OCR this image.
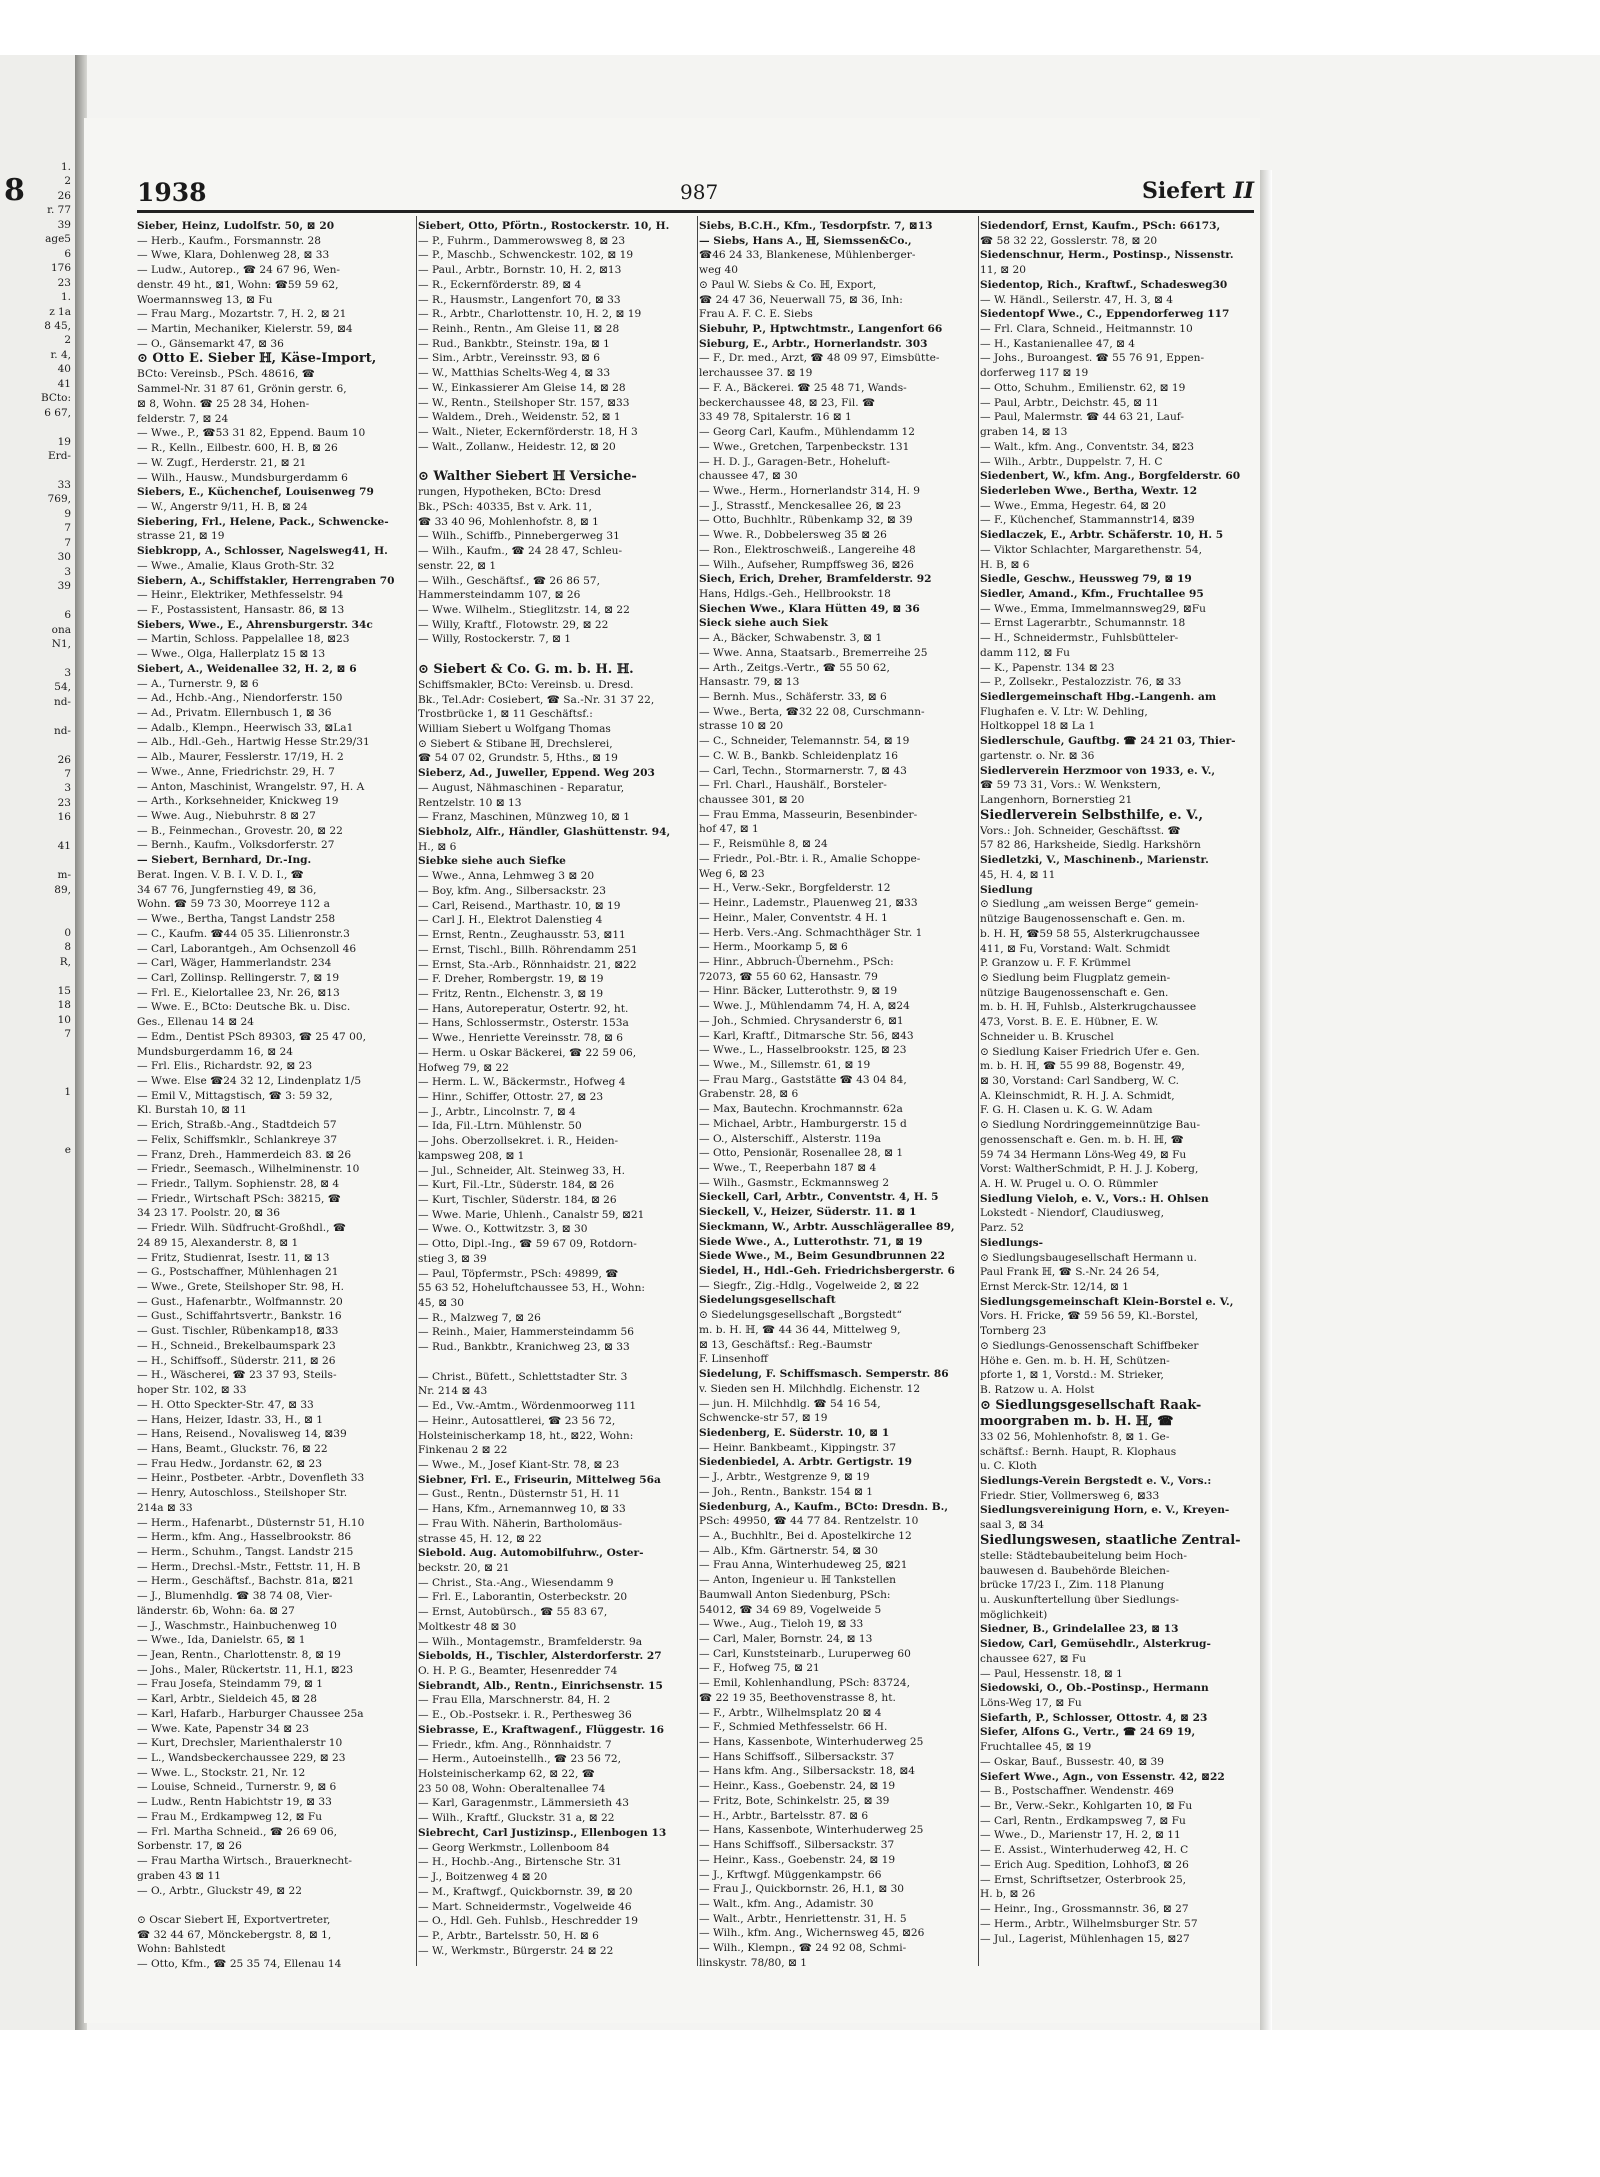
8
1.
2
26
r. 77
39
age5
6
176
23
1.
z 1a
8 45,
2
r. 4,
40
41
BCto:
6 67,

19
Erd-

33
769,
9
7
7
30
3
39

6
ona
N1,

3
54,
nd-

nd-

26
7
3
23
16

41

m-
89,

0
8
R,

15
18
10
7

1

e

1938	987	Siefert II
Sieber, Heinz, Ludolfstr. 50, ⊠ 20
— Herb., Kaufm., Forsmannstr. 28
— Wwe, Klara, Dohlenweg 28, ⊠ 33
— Ludw., Autorep., ☎ 24 67 96, Wen-
denstr. 49 ht., ⊠1, Wohn: ☎59 59 62,
Woermannsweg 13, ⊠ Fu
— Frau Marg., Mozartstr. 7, H. 2, ⊠ 21
— Martin, Mechaniker, Kielerstr. 59, ⊠4
— O., Gänsemarkt 47, ⊠ 36
⊙ Otto E. Sieber ℍ, Käse-Import,
BCto: Vereinsb., PSch. 48616, ☎
Sammel-Nr. 31 87 61, Grönin gerstr. 6,
⊠ 8, Wohn. ☎ 25 28 34, Hohen-
felderstr. 7, ⊠ 24
— Wwe., P., ☎53 31 82, Eppend. Baum 10
— R., Kelln., Eilbestr. 600, H. B, ⊠ 26
— W. Zugf., Herderstr. 21, ⊠ 21
— Wilh., Hausw., Mundsburgerdamm 6
Siebers, E., Küchenchef, Louisenweg 79
— W., Angerstr 9/11, H. B, ⊠ 24
Siebering, Frl., Helene, Pack., Schwencke-
strasse 21, ⊠ 19
Siebkropp, A., Schlosser, Nagelsweg41, H.
— Wwe., Amalie, Klaus Groth-Str. 32
Siebern, A., Schiffstakler, Herrengraben 70
— Heinr., Elektriker, Methfesselstr. 94
— F., Postassistent, Hansastr. 86, ⊠ 13
Siebers, Wwe., E., Ahrensburgerstr. 34c
— Martin, Schloss. Pappelallee 18, ⊠23
— Wwe., Olga, Hallerplatz 15 ⊠ 13
Siebert, A., Weidenallee 32, H. 2, ⊠ 6
— A., Turnerstr. 9, ⊠ 6
— Ad., Hchb.-Ang., Niendorferstr. 150
— Ad., Privatm. Ellernbusch 1, ⊠ 36
— Adalb., Klempn., Heerwisch 33, ⊠La1
— Alb., Hdl.-Geh., Hartwig Hesse Str.29/31
— Alb., Maurer, Fesslerstr. 17/19, H. 2
— Wwe., Anne, Friedrichstr. 29, H. 7
— Anton, Maschinist, Wrangelstr. 97, H. A
— Arth., Korksehneider, Knickweg 19
— Wwe. Aug., Niebuhrstr. 8 ⊠ 27
— B., Feinmechan., Grovestr. 20, ⊠ 22
— Bernh., Kaufm., Volksdorferstr. 27
— Siebert, Bernhard, Dr.-Ing.
Berat. Ingen. V. B. I. V. D. I., ☎
34 67 76, Jungfernstieg 49, ⊠ 36,
Wohn. ☎ 59 73 30, Moorreye 112 a
— Wwe., Bertha, Tangst Landstr 258
— C., Kaufm. ☎44 05 35. Lilienronstr.3
— Carl, Laborantgeh., Am Ochsenzoll 46
— Carl, Wäger, Hammerlandstr. 234
— Carl, Zollinsp. Rellingerstr. 7, ⊠ 19
— Frl. E., Kielortallee 23, Nr. 26, ⊠13
— Wwe. E., BCto: Deutsche Bk. u. Disc.
Ges., Ellenau 14 ⊠ 24
— Edm., Dentist PSch 89303, ☎ 25 47 00,
Mundsburgerdamm 16, ⊠ 24
— Frl. Elis., Richardstr. 92, ⊠ 23
— Wwe. Else ☎24 32 12, Lindenplatz 1/5
— Emil V., Mittagstisch, ☎ 3: 59 32,
Kl. Burstah 10, ⊠ 11
— Erich, Straßb.-Ang., Stadtdeich 57
— Felix, Schiffsmklr., Schlankreye 37
— Franz, Dreh., Hammerdeich 83. ⊠ 26
— Friedr., Seemasch., Wilhelminenstr. 10
— Friedr., Tallym. Sophienstr. 28, ⊠ 4
— Friedr., Wirtschaft PSch: 38215, ☎
34 23 17. Poolstr. 20, ⊠ 36
— Friedr. Wilh. Südfrucht-Großhdl., ☎
24 89 15, Alexanderstr. 8, ⊠ 1
— Fritz, Studienrat, Isestr. 11, ⊠ 13
— G., Postschaffner, Mühlenhagen 21
— Wwe., Grete, Steilshoper Str. 98, H.
— Gust., Hafenarbtr., Wolfmannstr. 20
— Gust., Schiffahrtsvertr., Bankstr. 16
— Gust. Tischler, Rübenkamp18, ⊠33
— H., Schneid., Brekelbaumspark 23
— H., Schiffsoff., Süderstr. 211, ⊠ 26
— H., Wäscherei, ☎ 23 37 93, Steils-
hoper Str. 102, ⊠ 33
— H. Otto Speckter-Str. 47, ⊠ 33
— Hans, Heizer, Idastr. 33, H., ⊠ 1
— Hans, Reisend., Novalisweg 14, ⊠39
— Hans, Beamt., Gluckstr. 76, ⊠ 22
— Frau Hedw., Jordanstr. 62, ⊠ 23
— Heinr., Postbeter. -Arbtr., Dovenfleth 33
— Henry, Autoschloss., Steilshoper Str.
214a ⊠ 33
— Herm., Hafenarbt., Düsternstr 51, H.10
— Herm., kfm. Ang., Hasselbrookstr. 86
— Herm., Schuhm., Tangst. Landstr 215
— Herm., Drechsl.-Mstr., Fettstr. 11, H. B
— Herm., Geschäftsf., Bachstr. 81a, ⊠21
— J., Blumenhdlg. ☎ 38 74 08, Vier-
länderstr. 6b, Wohn: 6a. ⊠ 27
— J., Waschmstr., Hainbuchenweg 10
— Wwe., Ida, Danielstr. 65, ⊠ 1
— Jean, Rentn., Charlottenstr. 8, ⊠ 19
— Johs., Maler, Rückertstr. 11, H.1, ⊠23
— Frau Josefa, Steindamm 79, ⊠ 1
— Karl, Arbtr., Sieldeich 45, ⊠ 28
— Karl, Hafarb., Harburger Chaussee 25a
— Wwe. Kate, Papenstr 34 ⊠ 23
— Kurt, Drechsler, Marienthalerstr 10
— L., Wandsbeckerchaussee 229, ⊠ 23
— Wwe. L., Stockstr. 21, Nr. 12
— Louise, Schneid., Turnerstr. 9, ⊠ 6
— Ludw., Rentn Habichtstr 19, ⊠ 33
— Frau M., Erdkampweg 12, ⊠ Fu
— Frl. Martha Schneid., ☎ 26 69 06,
Sorbenstr. 17, ⊠ 26
— Frau Martha Wirtsch., Brauerknecht-
graben 43 ⊠ 11
— O., Arbtr., Gluckstr 49, ⊠ 22

⊙ Oscar Siebert ℍ, Exportvertreter,
☎ 32 44 67, Mönckebergstr. 8, ⊠ 1,
Wohn: Bahlstedt
— Otto, Kfm., ☎ 25 35 74, Ellenau 14
Siebert, Otto, Pförtn., Rostockerstr. 10, H.
— P., Fuhrm., Dammerowsweg 8, ⊠ 23
— P., Maschb., Schwenckestr. 102, ⊠ 19
— Paul., Arbtr., Bornstr. 10, H. 2, ⊠13
— R., Eckernförderstr. 89, ⊠ 4
— R., Hausmstr., Langenfort 70, ⊠ 33
— R., Arbtr., Charlottenstr. 10, H. 2, ⊠ 19
— Reinh., Rentn., Am Gleise 11, ⊠ 28
— Rud., Bankbtr., Steinstr. 19a, ⊠ 1
— Sim., Arbtr., Vereinsstr. 93, ⊠ 6
— W., Matthias Schelts-Weg 4, ⊠ 33
— W., Einkassierer Am Gleise 14, ⊠ 28
— W., Rentn., Steilshoper Str. 157, ⊠33
— Waldem., Dreh., Weidenstr. 52, ⊠ 1
— Walt., Nieter, Eckernförderstr. 18, H 3
— Walt., Zollanw., Heidestr. 12, ⊠ 20

⊙ Walther Siebert ℍ Versiche-
rungen, Hypotheken, BCto: Dresd
Bk., PSch: 40335, Bst v. Ark. 11,
☎ 33 40 96, Mohlenhofstr. 8, ⊠ 1
— Wilh., Schiffb., Pinnebergerweg 31
— Wilh., Kaufm., ☎ 24 28 47, Schleu-
senstr. 22, ⊠ 1
— Wilh., Geschäftsf., ☎ 26 86 57,
Hammersteindamm 107, ⊠ 26
— Wwe. Wilhelm., Stieglitzstr. 14, ⊠ 22
— Willy, Kraftf., Flotowstr. 29, ⊠ 22
— Willy, Rostockerstr. 7, ⊠ 1

⊙ Siebert & Co. G. m. b. H. ℍ.
Schiffsmakler, BCto: Vereinsb. u. Dresd.
Bk., Tel.Adr: Cosiebert, ☎ Sa.-Nr. 31 37 22,
Trostbrücke 1, ⊠ 11 Geschäftsf.:
William Siebert u Wolfgang Thomas
⊙ Siebert & Stibane ℍ, Drechslerei,
☎ 54 07 02, Grundstr. 5, Hths., ⊠ 19
Sieberz, Ad., Juweller, Eppend. Weg 203
— August, Nähmaschinen - Reparatur,
Rentzelstr. 10 ⊠ 13
— Franz, Maschinen, Münzweg 10, ⊠ 1
Siebholz, Alfr., Händler, Glashüttenstr. 94,
H., ⊠ 6
Siebke siehe auch Siefke
— Wwe., Anna, Lehmweg 3 ⊠ 20
— Boy, kfm. Ang., Silbersackstr. 23
— Carl, Reisend., Marthastr. 10, ⊠ 19
— Carl J. H., Elektrot Dalenstieg 4
— Ernst, Rentn., Zeughausstr. 53, ⊠11
— Ernst, Tischl., Billh. Röhrendamm 251
— Ernst, Sta.-Arb., Rönnhaidstr. 21, ⊠22
— F. Dreher, Rombergstr. 19, ⊠ 19
— Fritz, Rentn., Elchenstr. 3, ⊠ 19
— Hans, Autoreperatur, Ostertr. 92, ht.
— Hans, Schlossermstr., Osterstr. 153a
— Wwe., Henriette Vereinsstr. 78, ⊠ 6
— Herm. u Oskar Bäckerei, ☎ 22 59 06,
Hofweg 79, ⊠ 22
— Herm. L. W., Bäckermstr., Hofweg 4
— Hinr., Schiffer, Ottostr. 27, ⊠ 23
— J., Arbtr., Lincolnstr. 7, ⊠ 4
— Ida, Fil.-Ltrn. Mühlenstr. 50
— Johs. Oberzollsekret. i. R., Heiden-
kampsweg 208, ⊠ 1
— Jul., Schneider, Alt. Steinweg 33, H.
— Kurt, Fil.-Ltr., Süderstr. 184, ⊠ 26
— Kurt, Tischler, Süderstr. 184, ⊠ 26
— Wwe. Marie, Uhlenh., Canalstr 59, ⊠21
— Wwe. O., Kottwitzstr. 3, ⊠ 30
— Otto, Dipl.-Ing., ☎ 59 67 09, Rotdorn-
stieg 3, ⊠ 39
— Paul, Töpfermstr., PSch: 49899, ☎
55 63 52, Hoheluftchaussee 53, H., Wohn:
45, ⊠ 30
— R., Malzweg 7, ⊠ 26
— Reinh., Maier, Hammersteindamm 56
— Rud., Bankbtr., Kranichweg 23, ⊠ 33

— Christ., Büfett., Schlettstadter Str. 3
Nr. 214 ⊠ 43
— Ed., Vw.-Amtm., Wördenmoorweg 111
— Heinr., Autosattlerei, ☎ 23 56 72,
Holsteinischerkamp 18, ht., ⊠22, Wohn:
Finkenau 2 ⊠ 22
— Wwe., M., Josef Kiant-Str. 78, ⊠ 23
Siebner, Frl. E., Friseurin, Mittelweg 56a
— Gust., Rentn., Düsternstr 51, H. 11
— Hans, Kfm., Arnemannweg 10, ⊠ 33
— Frau With. Näherin, Bartholomäus-
strasse 45, H. 12, ⊠ 22
Siebold. Aug. Automobilfuhrw., Oster-
beckstr. 20, ⊠ 21
— Christ., Sta.-Ang., Wiesendamm 9
— Frl. E., Laborantin, Osterbeckstr. 20
— Ernst, Autobürsch., ☎ 55 83 67,
Moltkestr 48 ⊠ 30
— Wilh., Montagemstr., Bramfelderstr. 9a
Siebolds, H., Tischler, Alsterdorferstr. 27
O. H. P. G., Beamter, Hesenredder 74
Siebrandt, Alb., Rentn., Einrichsenstr. 15
— Frau Ella, Marschnerstr. 84, H. 2
— E., Ob.-Postsekr. i. R., Perthesweg 36
Siebrasse, E., Kraftwagenf., Flüggestr. 16
— Friedr., kfm. Ang., Rönnhaidstr. 7
— Herm., Autoeinstellh., ☎ 23 56 72,
Holsteinischerkamp 62, ⊠ 22, ☎
23 50 08, Wohn: Oberaltenallee 74
— Karl, Garagenmstr., Lämmersieth 43
— Wilh., Kraftf., Gluckstr. 31 a, ⊠ 22
Siebrecht, Carl Justizinsp., Ellenbogen 13
— Georg Werkmstr., Lollenboom 84
— H., Hochb.-Ang., Birtensche Str. 31
— J., Boitzenweg 4 ⊠ 20
— M., Kraftwgf., Quickbornstr. 39, ⊠ 20
— Mart. Schneidermstr., Vogelweide 46
— O., Hdl. Geh. Fuhlsb., Heschredder 19
— P., Arbtr., Bartelsstr. 50, H. ⊠ 6
— W., Werkmstr., Bürgerstr. 24 ⊠ 22
Siebs, B.C.H., Kfm., Tesdorpfstr. 7, ⊠13
— Siebs, Hans A., ℍ, Siemssen&Co.,
☎46 24 33, Blankenese, Mühlenberger-
weg 40
⊙ Paul W. Siebs & Co. ℍ, Export,
☎ 24 47 36, Neuerwall 75, ⊠ 36, Inh:
Frau A. F. C. E. Siebs
Siebuhr, P., Hptwchtmstr., Langenfort 66
Sieburg, E., Arbtr., Hornerlandstr. 303
— F., Dr. med., Arzt, ☎ 48 09 97, Eimsbütte-
lerchaussee 37. ⊠ 19
— F. A., Bäckerei. ☎ 25 48 71, Wands-
beckerchaussee 48, ⊠ 23, Fil. ☎
33 49 78, Spitalerstr. 16 ⊠ 1
— Georg Carl, Kaufm., Mühlendamm 12
— Wwe., Gretchen, Tarpenbeckstr. 131
— H. D. J., Garagen-Betr., Hoheluft-
chaussee 47, ⊠ 30
— Wwe., Herm., Hornerlandstr 314, H. 9
— J., Strasstf., Menckesallee 26, ⊠ 23
— Otto, Buchhltr., Rübenkamp 32, ⊠ 39
— Wwe. R., Dobbelersweg 35 ⊠ 26
— Ron., Elektroschweiß., Langereihe 48
— Wilh., Aufseher, Rumpffsweg 36, ⊠26
Siech, Erich, Dreher, Bramfelderstr. 92
Hans, Hdlgs.-Geh., Hellbrookstr. 18
Siechen Wwe., Klara Hütten 49, ⊠ 36
Sieck siehe auch Siek
— A., Bäcker, Schwabenstr. 3, ⊠ 1
— Wwe. Anna, Staatsarb., Bremerreihe 25
— Arth., Zeitgs.-Vertr., ☎ 55 50 62,
Hansastr. 79, ⊠ 13
— Bernh. Mus., Schäferstr. 33, ⊠ 6
— Wwe., Berta, ☎32 22 08, Curschmann-
strasse 10 ⊠ 20
— C., Schneider, Telemannstr. 54, ⊠ 19
— C. W. B., Bankb. Schleidenplatz 16
— Carl, Techn., Stormarnerstr. 7, ⊠ 43
— Frl. Charl., Haushälf., Borsteler-
chaussee 301, ⊠ 20
— Frau Emma, Masseurin, Besenbinder-
hof 47, ⊠ 1
— F., Reismühle 8, ⊠ 24
— Friedr., Pol.-Btr. i. R., Amalie Schoppe-
Weg 6, ⊠ 23
— H., Verw.-Sekr., Borgfelderstr. 12
— Heinr., Lademstr., Plauenweg 21, ⊠33
— Heinr., Maler, Conventstr. 4 H. 1
— Herb. Vers.-Ang. Schmachthäger Str. 1
— Herm., Moorkamp 5, ⊠ 6
— Hinr., Abbruch-Übernehm., PSch:
72073, ☎ 55 60 62, Hansastr. 79
— Hinr. Bäcker, Lutterothstr. 9, ⊠ 19
— Wwe. J., Mühlendamm 74, H. A, ⊠24
— Joh., Schmied. Chrysanderstr 6, ⊠1
— Karl, Kraftf., Ditmarsche Str. 56, ⊠43
— Wwe., L., Hasselbrookstr. 125, ⊠ 23
— Wwe., M., Sillemstr. 61, ⊠ 19
— Frau Marg., Gaststätte ☎ 43 04 84,
Grabenstr. 28, ⊠ 6
— Max, Bautechn. Krochmannstr. 62a
— Michael, Arbtr., Hamburgerstr. 15 d
— O., Alsterschiff., Alsterstr. 119a
— Otto, Pensionär, Rosenallee 28, ⊠ 1
— Wwe., T., Reeperbahn 187 ⊠ 4
— Wilh., Gasmstr., Eckmannsweg 2
Sieckell, Carl, Arbtr., Conventstr. 4, H. 5
Sieckell, V., Heizer, Süderstr. 11. ⊠ 1
Sieckmann, W., Arbtr. Ausschlägerallee 89,
Siede Wwe., A., Lutterothstr. 71, ⊠ 19
Siede Wwe., M., Beim Gesundbrunnen 22
Siedel, H., Hdl.-Geh. Friedrichsbergerstr. 6
— Siegfr., Zig.-Hdlg., Vogelweide 2, ⊠ 22
Siedelungsgesellschaft
⊙ Siedelungsgesellschaft „Borgstedt“
m. b. H. ℍ, ☎ 44 36 44, Mittelweg 9,
⊠ 13, Geschäftsf.: Reg.-Baumstr
F. Linsenhoff
Siedelung, F. Schiffsmasch. Semperstr. 86
v. Sieden sen H. Milchhdlg. Eichenstr. 12
— jun. H. Milchhdlg. ☎ 54 16 54,
Schwencke-str 57, ⊠ 19
Siedenberg, E. Süderstr. 10, ⊠ 1
— Heinr. Bankbeamt., Kippingstr. 37
Siedenbiedel, A. Arbtr. Gertigstr. 19
— J., Arbtr., Westgrenze 9, ⊠ 19
— Joh., Rentn., Bankstr. 154 ⊠ 1
Siedenburg, A., Kaufm., BCto: Dresdn. B.,
PSch: 49950, ☎ 44 77 84. Rentzelstr. 10
— A., Buchhltr., Bei d. Apostelkirche 12
— Alb., Kfm. Gärtnerstr. 54, ⊠ 30
— Frau Anna, Winterhudeweg 25, ⊠21
— Anton, Ingenieur u. ℍ Tankstellen
Baumwall Anton Siedenburg, PSch:
54012, ☎ 34 69 89, Vogelweide 5
— Wwe., Aug., Tieloh 19, ⊠ 33
— Carl, Maler, Bornstr. 24, ⊠ 13
— Carl, Kunststeinarb., Luruperweg 60
— F., Hofweg 75, ⊠ 21
— Emil, Kohlenhandlung, PSch: 83724,
☎ 22 19 35, Beethovenstrasse 8, ht.
— F., Arbtr., Wilhelmsplatz 20 ⊠ 4
— F., Schmied Methfesselstr. 66 H.
— Hans, Kassenbote, Winterhuderweg 25
— Hans Schiffsoff., Silbersackstr. 37
— Hans kfm. Ang., Silbersackstr. 18, ⊠4
— Heinr., Kass., Goebenstr. 24, ⊠ 19
— Fritz, Bote, Schinkelstr. 25, ⊠ 39
— H., Arbtr., Bartelsstr. 87. ⊠ 6
— Hans, Kassenbote, Winterhuderweg 25
— Hans Schiffsoff., Silbersackstr. 37
— Heinr., Kass., Goebenstr. 24, ⊠ 19
— J., Krftwgf. Müggenkampstr. 66
— Frau J., Quickbornstr. 26, H.1, ⊠ 30
— Walt., kfm. Ang., Adamistr. 30
— Walt., Arbtr., Henriettenstr. 31, H. 5
— Wilh., kfm. Ang., Wichernsweg 45, ⊠26
— Wilh., Klempn., ☎ 24 92 08, Schmi-
linskystr. 78/80, ⊠ 1
Siedendorf, Ernst, Kaufm., PSch: 66173,
☎ 58 32 22, Gosslerstr. 78, ⊠ 20
Siedenschnur, Herm., Postinsp., Nissenstr.
11, ⊠ 20
Siedentop, Rich., Kraftwf., Schadesweg30
— W. Händl., Seilerstr. 47, H. 3, ⊠ 4
Siedentopf Wwe., C., Eppendorferweg 117
— Frl. Clara, Schneid., Heitmannstr. 10
— H., Kastanienallee 47, ⊠ 4
— Johs., Buroangest. ☎ 55 76 91, Eppen-
dorferweg 117 ⊠ 19
— Otto, Schuhm., Emilienstr. 62, ⊠ 19
— Paul, Arbtr., Deichstr. 45, ⊠ 11
— Paul, Malermstr. ☎ 44 63 21, Lauf-
graben 14, ⊠ 13
— Walt., kfm. Ang., Conventstr. 34, ⊠23
— Wilh., Arbtr., Duppelstr. 7, H. C
Siedenbert, W., kfm. Ang., Borgfelderstr. 60
Siederleben Wwe., Bertha, Wextr. 12
— Wwe., Emma, Hegestr. 64, ⊠ 20
— F., Küchenchef, Stammannstr14, ⊠39
Siedlaczek, E., Arbtr. Schäferstr. 10, H. 5
— Viktor Schlachter, Margarethenstr. 54,
H. B, ⊠ 6
Siedle, Geschw., Heussweg 79, ⊠ 19
Siedler, Amand., Kfm., Fruchtallee 95
— Wwe., Emma, Immelmannsweg29, ⊠Fu
— Ernst Lagerarbtr., Schumannstr. 18
— H., Schneidermstr., Fuhlsbütteler-
damm 112, ⊠ Fu
— K., Papenstr. 134 ⊠ 23
— P., Zollsekr., Pestalozzistr. 76, ⊠ 33
Siedlergemeinschaft Hbg.-Langenh. am
Flughafen e. V. Ltr: W. Dehling,
Holtkoppel 18 ⊠ La 1
Siedlerschule, Gauftbg. ☎ 24 21 03, Thier-
gartenstr. o. Nr. ⊠ 36
Siedlerverein Herzmoor von 1933, e. V.,
☎ 59 73 31, Vors.: W. Wenkstern,
Langenhorn, Bornerstieg 21
Siedlerverein Selbsthilfe, e. V.,
Vors.: Joh. Schneider, Geschäftsst. ☎
57 82 86, Harksheide, Siedlg. Harkshörn
Siedletzki, V., Maschinenb., Marienstr.
45, H. 4, ⊠ 11
Siedlung
⊙ Siedlung „am weissen Berge“ gemein-
nützige Baugenossenschaft e. Gen. m.
b. H. ℍ, ☎59 58 55, Alsterkrugchaussee
411, ⊠ Fu, Vorstand: Walt. Schmidt
P. Granzow u. F. F. Krümmel
⊙ Siedlung beim Flugplatz gemein-
nützige Baugenossenschaft e. Gen.
m. b. H. ℍ, Fuhlsb., Alsterkrugchaussee
473, Vorst. B. E. E. Hübner, E. W.
Schneider u. B. Kruschel
⊙ Siedlung Kaiser Friedrich Ufer e. Gen.
m. b. H. ℍ, ☎ 55 99 88, Bogenstr. 49,
⊠ 30, Vorstand: Carl Sandberg, W. C.
A. Kleinschmidt, R. H. J. A. Schmidt,
F. G. H. Clasen u. K. G. W. Adam
⊙ Siedlung Nordringgemeinnützige Bau-
genossenschaft e. Gen. m. b. H. ℍ, ☎
59 74 34 Hermann Löns-Weg 49, ⊠ Fu
Vorst: WaltherSchmidt, P. H. J. J. Koberg,
A. H. W. Prugel u. O. O. Rümmler
Siedlung Vieloh, e. V., Vors.: H. Ohlsen
Lokstedt - Niendorf, Claudiusweg,
Parz. 52
Siedlungs-
⊙ Siedlungsbaugesellschaft Hermann u.
Paul Frank ℍ, ☎ S.-Nr. 24 26 54,
Ernst Merck-Str. 12/14, ⊠ 1
Siedlungsgemeinschaft Klein-Borstel e. V.,
Vors. H. Fricke, ☎ 59 56 59, Kl.-Borstel,
Tornberg 23
⊙ Siedlungs-Genossenschaft Schiffbeker
Höhe e. Gen. m. b. H. ℍ, Schützen-
pforte 1, ⊠ 1, Vorstd.: M. Strieker,
B. Ratzow u. A. Holst
⊙ Siedlungsgesellschaft Raak-
moorgraben m. b. H. ℍ, ☎
33 02 56, Mohlenhofstr. 8, ⊠ 1. Ge-
schäftsf.: Bernh. Haupt, R. Klophaus
u. C. Kloth
Siedlungs-Verein Bergstedt e. V., Vors.:
Friedr. Stier, Vollmersweg 6, ⊠33
Siedlungsvereinigung Horn, e. V., Kreyen-
saal 3, ⊠ 34
Siedlungswesen, staatliche Zentral-
stelle: Städtebaubeitelung beim Hoch-
bauwesen d. Baubehörde Bleichen-
brücke 17/23 I., Zim. 118 Planung
u. Auskunftertellung über Siedlungs-
möglichkeit)
Siedner, B., Grindelallee 23, ⊠ 13
Siedow, Carl, Gemüsehdlr., Alsterkrug-
chaussee 627, ⊠ Fu
— Paul, Hessenstr. 18, ⊠ 1
Siedowski, O., Ob.-Postinsp., Hermann
Löns-Weg 17, ⊠ Fu
Siefarth, P., Schlosser, Ottostr. 4, ⊠ 23
Siefer, Alfons G., Vertr., ☎ 24 69 19,
Fruchtallee 45, ⊠ 19
— Oskar, Bauf., Bussestr. 40, ⊠ 39
Siefert Wwe., Agn., von Essenstr. 42, ⊠22
— B., Postschaffner. Wendenstr. 469
— Br., Verw.-Sekr., Kohlgarten 10, ⊠ Fu
— Carl, Rentn., Erdkampsweg 7, ⊠ Fu
— Wwe., D., Marienstr 17, H. 2, ⊠ 11
— E. Assist., Winterhuderweg 42, H. C
— Erich Aug. Spedition, Lohhof3, ⊠ 26
— Ernst, Schriftsetzer, Osterbrook 25,
H. b, ⊠ 26
— Heinr., Ing., Grossmannstr. 36, ⊠ 27
— Herm., Arbtr., Wilhelmsburger Str. 57
— Jul., Lagerist, Mühlenhagen 15, ⊠27
